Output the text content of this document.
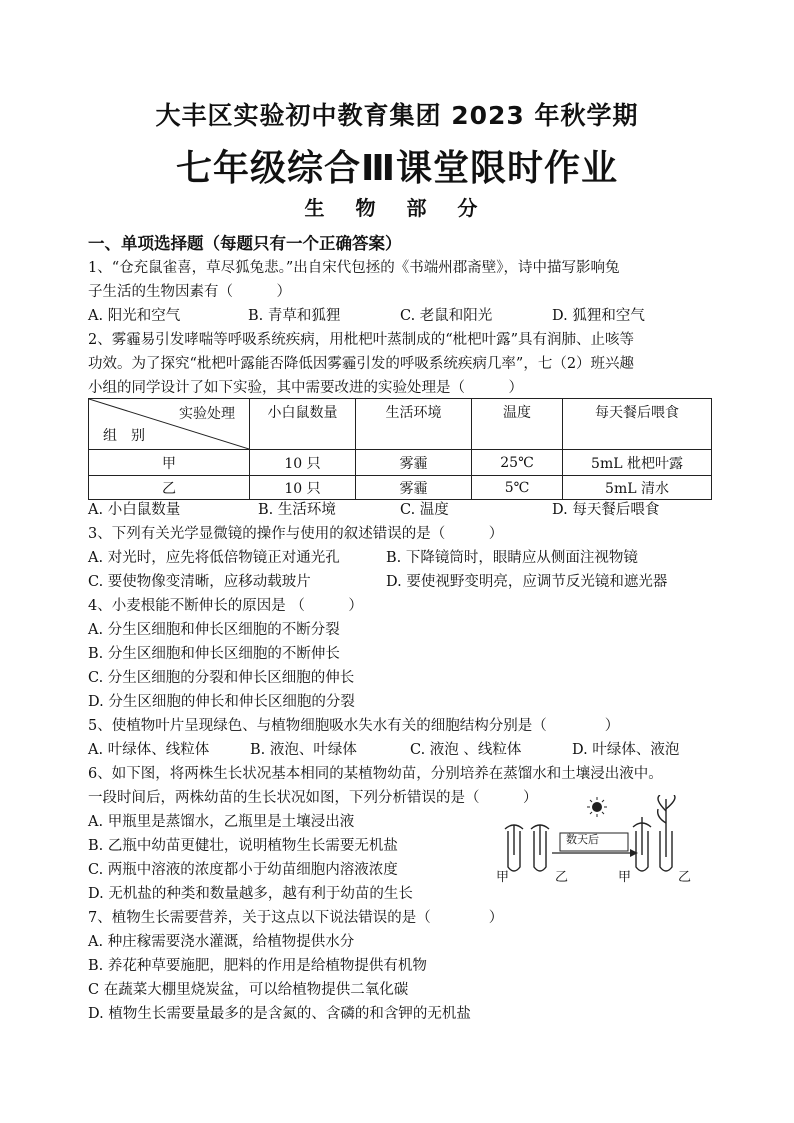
大丰区实验初中教育集团 2023 年秋学期
七年级综合Ⅲ课堂限时作业
生 物 部 分
一、单项选择题（每题只有一个正确答案）
1、“仓充鼠雀喜，草尽狐兔悲。”出自宋代包拯的《书端州郡斋壁》，诗中描写影响兔
子生活的生物因素有（　　　）
A. 阳光和空气	B. 青草和狐狸	C. 老鼠和阳光	D. 狐狸和空气
2、雾霾易引发哮喘等呼吸系统疾病，用枇杷叶蒸制成的“枇杷叶露”具有润肺、止咳等
功效。为了探究“枇杷叶露能否降低因雾霾引发的呼吸系统疾病几率”，七（2）班兴趣
小组的同学设计了如下实验，其中需要改进的实验处理是（　　　）
实验处理
组　别	小白鼠数量	生活环境	温度	每天餐后喂食
甲	10 只	雾霾	25℃	5mL 枇杷叶露
乙	10 只	雾霾	5℃	5mL 清水
A. 小白鼠数量	B. 生活环境	C. 温度	D. 每天餐后喂食
3、下列有关光学显微镜的操作与使用的叙述错误的是（　　　）
A. 对光时，应先将低倍物镜正对通光孔	B. 下降镜筒时，眼睛应从侧面注视物镜
C. 要使物像变清晰，应移动载玻片	D. 要使视野变明亮，应调节反光镜和遮光器
4、小麦根能不断伸长的原因是 （　　　）
A. 分生区细胞和伸长区细胞的不断分裂
B. 分生区细胞和伸长区细胞的不断伸长
C. 分生区细胞的分裂和伸长区细胞的伸长
D. 分生区细胞的伸长和伸长区细胞的分裂
5、使植物叶片呈现绿色、与植物细胞吸水失水有关的细胞结构分别是（　　　　）
A. 叶绿体、线粒体	B. 液泡、叶绿体	C. 液泡 、线粒体	D. 叶绿体、液泡
6、如下图，将两株生长状况基本相同的某植物幼苗，分别培养在蒸馏水和土壤浸出液中。
一段时间后，两株幼苗的生长状况如图，下列分析错误的是（　　　）
A. 甲瓶里是蒸馏水，乙瓶里是土壤浸出液
B. 乙瓶中幼苗更健壮，说明植物生长需要无机盐
C. 两瓶中溶液的浓度都小于幼苗细胞内溶液浓度
D. 无机盐的种类和数量越多，越有利于幼苗的生长
甲	乙	甲	乙
数天后
7、植物生长需要营养，关于这点以下说法错误的是（　　　　）
A. 种庄稼需要浇水灌溉，给植物提供水分
B. 养花种草要施肥，肥料的作用是给植物提供有机物
C 在蔬菜大棚里烧炭盆，可以给植物提供二氧化碳
D. 植物生长需要量最多的是含氮的、含磷的和含钾的无机盐
